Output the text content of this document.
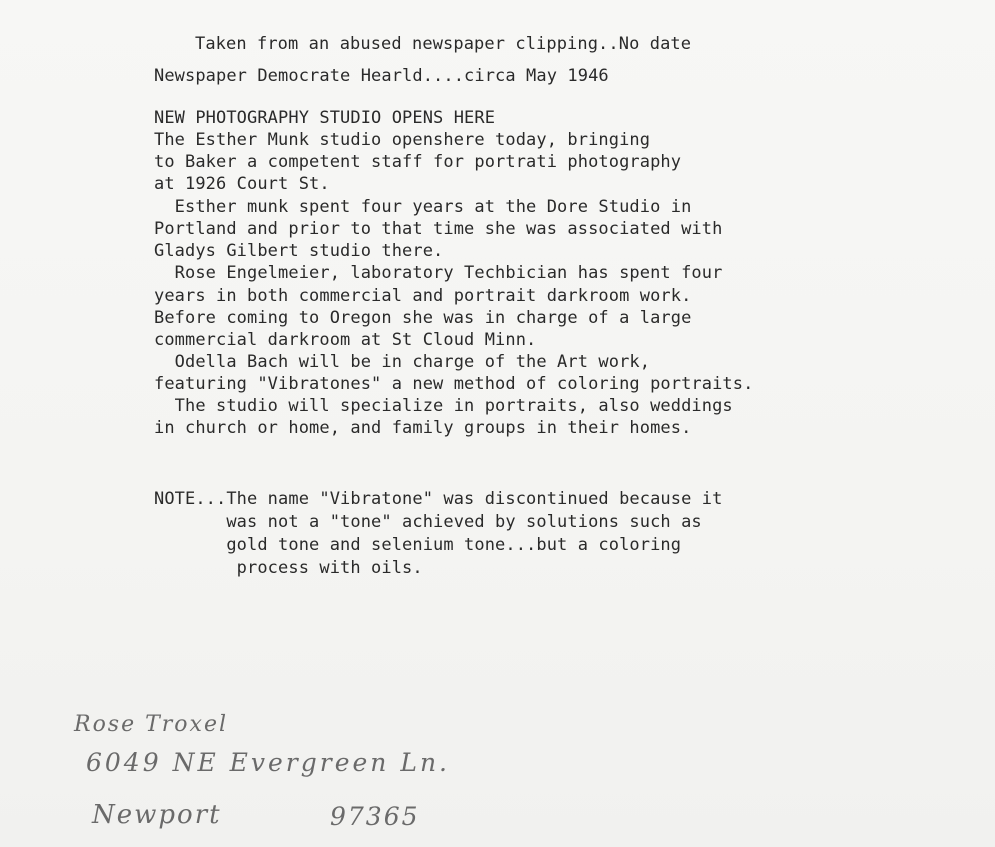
Taken from an abused newspaper clipping..No date

Newspaper Democrate Hearld....circa May 1946

NEW PHOTOGRAPHY STUDIO OPENS HERE

The Esther Munk studio openshere today, bringing

to Baker a competent staff for portrati photography

at 1926 Court St.

Esther munk spent four years at the Dore Studio in

Portland and prior to that time she was associated with

Gladys Gilbert studio there.

Rose Engelmeier, laboratory Techbician has spent four

years in both commercial and portrait darkroom work.

Before coming to Oregon she was in charge of a large

commercial darkroom at St Cloud Minn.

Odella Bach will be in charge of the Art work,

featuring "Vibratones" a new method of coloring portraits.

The studio will specialize in portraits, also weddings

in church or home, and family groups in their homes.

NOTE...The name "Vibratone" was discontinued because it

was not a "tone" achieved by solutions such as

gold tone and selenium tone...but a coloring

process with oils.

Rose Troxel

6049 NE Evergreen Ln.

Newport	97365
